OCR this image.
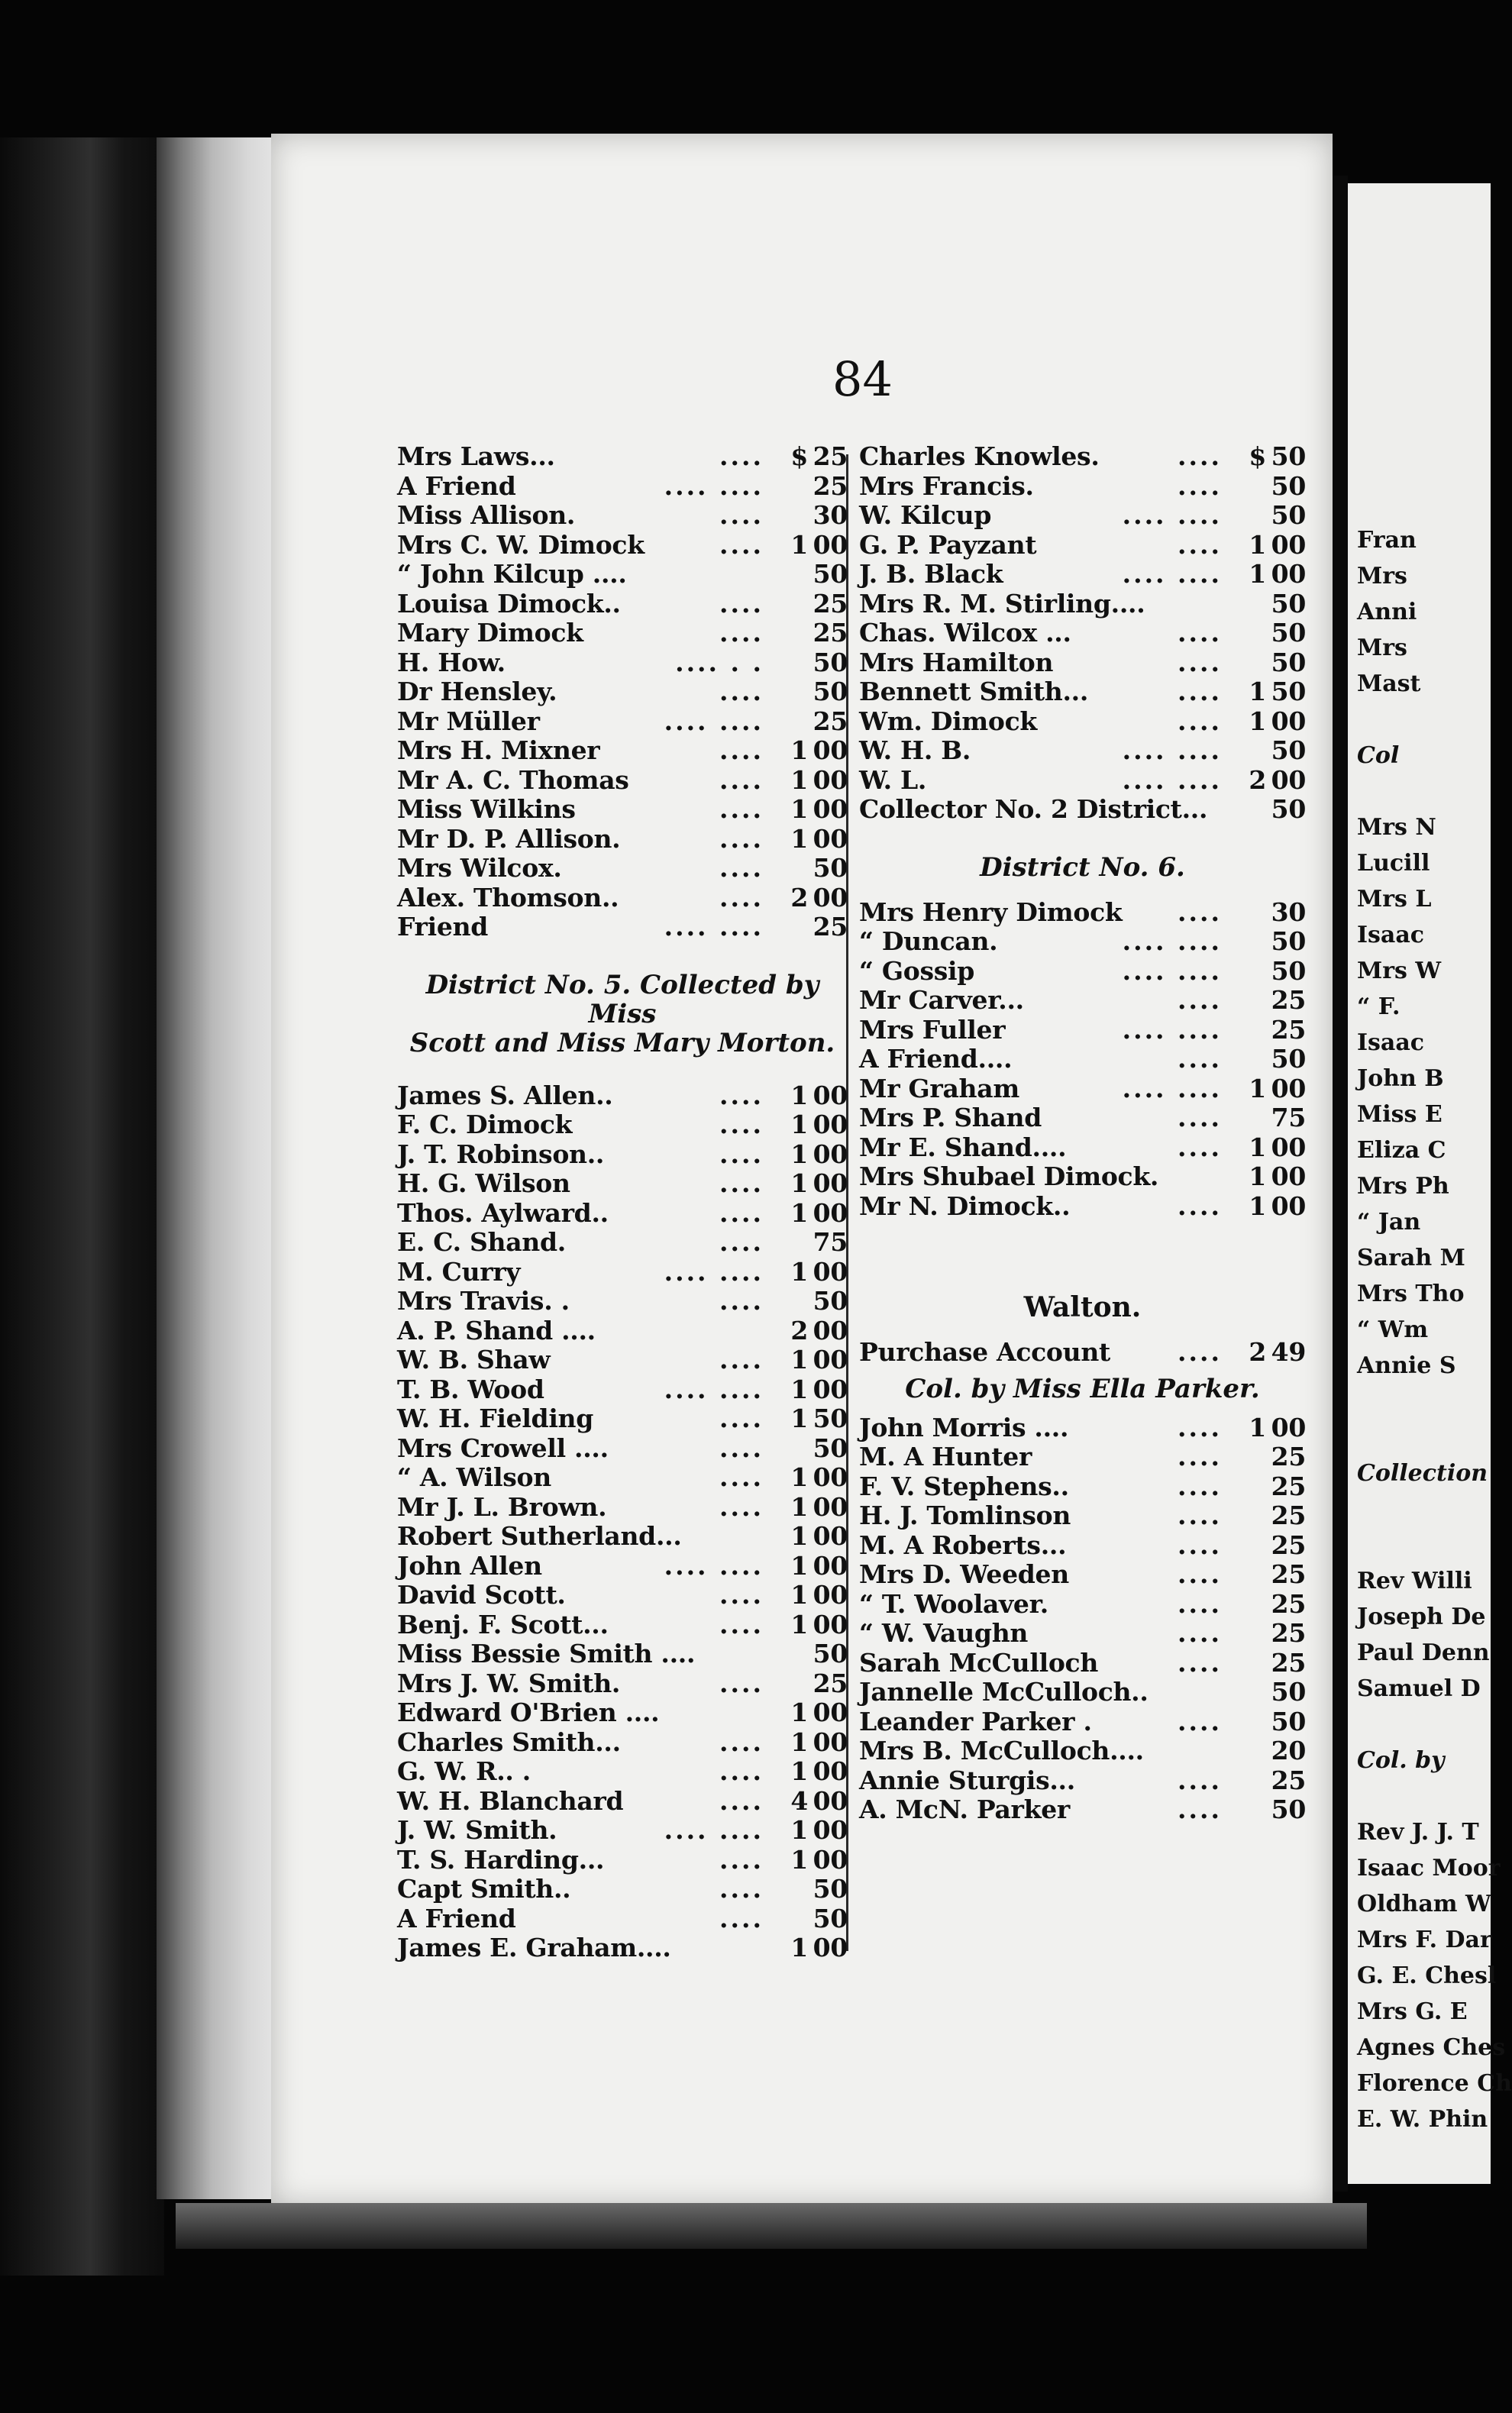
Fran
Mrs
Anni
Mrs
Mast
Col
Mrs N
Lucill
Mrs L
Isaac
Mrs W
“ F.
Isaac
John B
Miss E
Eliza C
Mrs Ph
“ Jan
Sarah M
Mrs Tho
“ Wm
Annie S
Collection
Rev Willi
Joseph De
Paul Denn
Samuel D
Col. by
Rev J. J. T
Isaac Moor
Oldham W
Mrs F. Dar
G. E. Chesl
Mrs G. E
Agnes Ches
Florence Ch
E. W. Phin
84
Mrs Laws...	....	$ 25
A Friend	.... .... 25
Miss Allison.	.... 30
Mrs C. W. Dimock	....	1 00
“ John Kilcup ....	50
Louisa Dimock..	.... 25
Mary Dimock	.... 25
H. How.	.... . . 50
Dr Hensley.	.... 50
Mr Müller	.... .... 25
Mrs H. Mixner	....	1 00
Mr A. C. Thomas	....	1 00
Miss Wilkins	....	1 00
Mr D. P. Allison.	....	1 00
Mrs Wilcox.	.... 50
Alex. Thomson..	....	2 00
Friend	.... .... 25
District No. 5. Collected by Miss
Scott and Miss Mary Morton.
James S. Allen..	....	1 00
F. C. Dimock	....	1 00
J. T. Robinson..	....	1 00
H. G. Wilson	....	1 00
Thos. Aylward..	....	1 00
E. C. Shand.	.... 75
M. Curry	.... ....	1 00
Mrs Travis. .	.... 50
A. P. Shand ....	2 00
W. B. Shaw	....	1 00
T. B. Wood	.... ....	1 00
W. H. Fielding	....	1 50
Mrs Crowell ....	.... 50
“ A. Wilson	....	1 00
Mr J. L. Brown.	....	1 00
Robert Sutherland...	1 00
John Allen	.... ....	1 00
David Scott.	....	1 00
Benj. F. Scott...	....	1 00
Miss Bessie Smith ....	50
Mrs J. W. Smith.	.... 25
Edward O'Brien ....	1 00
Charles Smith...	....	1 00
G. W. R.. .	....	1 00
W. H. Blanchard	....	4 00
J. W. Smith.	.... ....	1 00
T. S. Harding...	....	1 00
Capt Smith..	.... 50
A Friend	.... 50
James E. Graham....	1 00
Charles Knowles.	....	$ 50
Mrs Francis.	.... 50
W. Kilcup	.... .... 50
G. P. Payzant	....	1 00
J. B. Black	.... ....	1 00
Mrs R. M. Stirling....	50
Chas. Wilcox ...	.... 50
Mrs Hamilton	.... 50
Bennett Smith...	....	1 50
Wm. Dimock	....	1 00
W. H. B.	.... .... 50
W. L.	.... ....	2 00
Collector No. 2 District...	50
District No. 6.
Mrs Henry Dimock	.... 30
“ Duncan.	.... .... 50
“ Gossip	.... .... 50
Mr Carver...	.... 25
Mrs Fuller	.... .... 25
A Friend....	.... 50
Mr Graham	.... ....	1 00
Mrs P. Shand	.... 75
Mr E. Shand....	....	1 00
Mrs Shubael Dimock.	1 00
Mr N. Dimock..	....	1 00
Walton.
Purchase Account	....	2 49
Col. by Miss Ella Parker.
John Morris ....	....	1 00
M. A Hunter	.... 25
F. V. Stephens..	.... 25
H. J. Tomlinson	.... 25
M. A Roberts...	.... 25
Mrs D. Weeden	.... 25
“ T. Woolaver.	.... 25
“ W. Vaughn	.... 25
Sarah McCulloch	.... 25
Jannelle McCulloch..	50
Leander Parker .	.... 50
Mrs B. McCulloch....	20
Annie Sturgis...	.... 25
A. McN. Parker	.... 50
